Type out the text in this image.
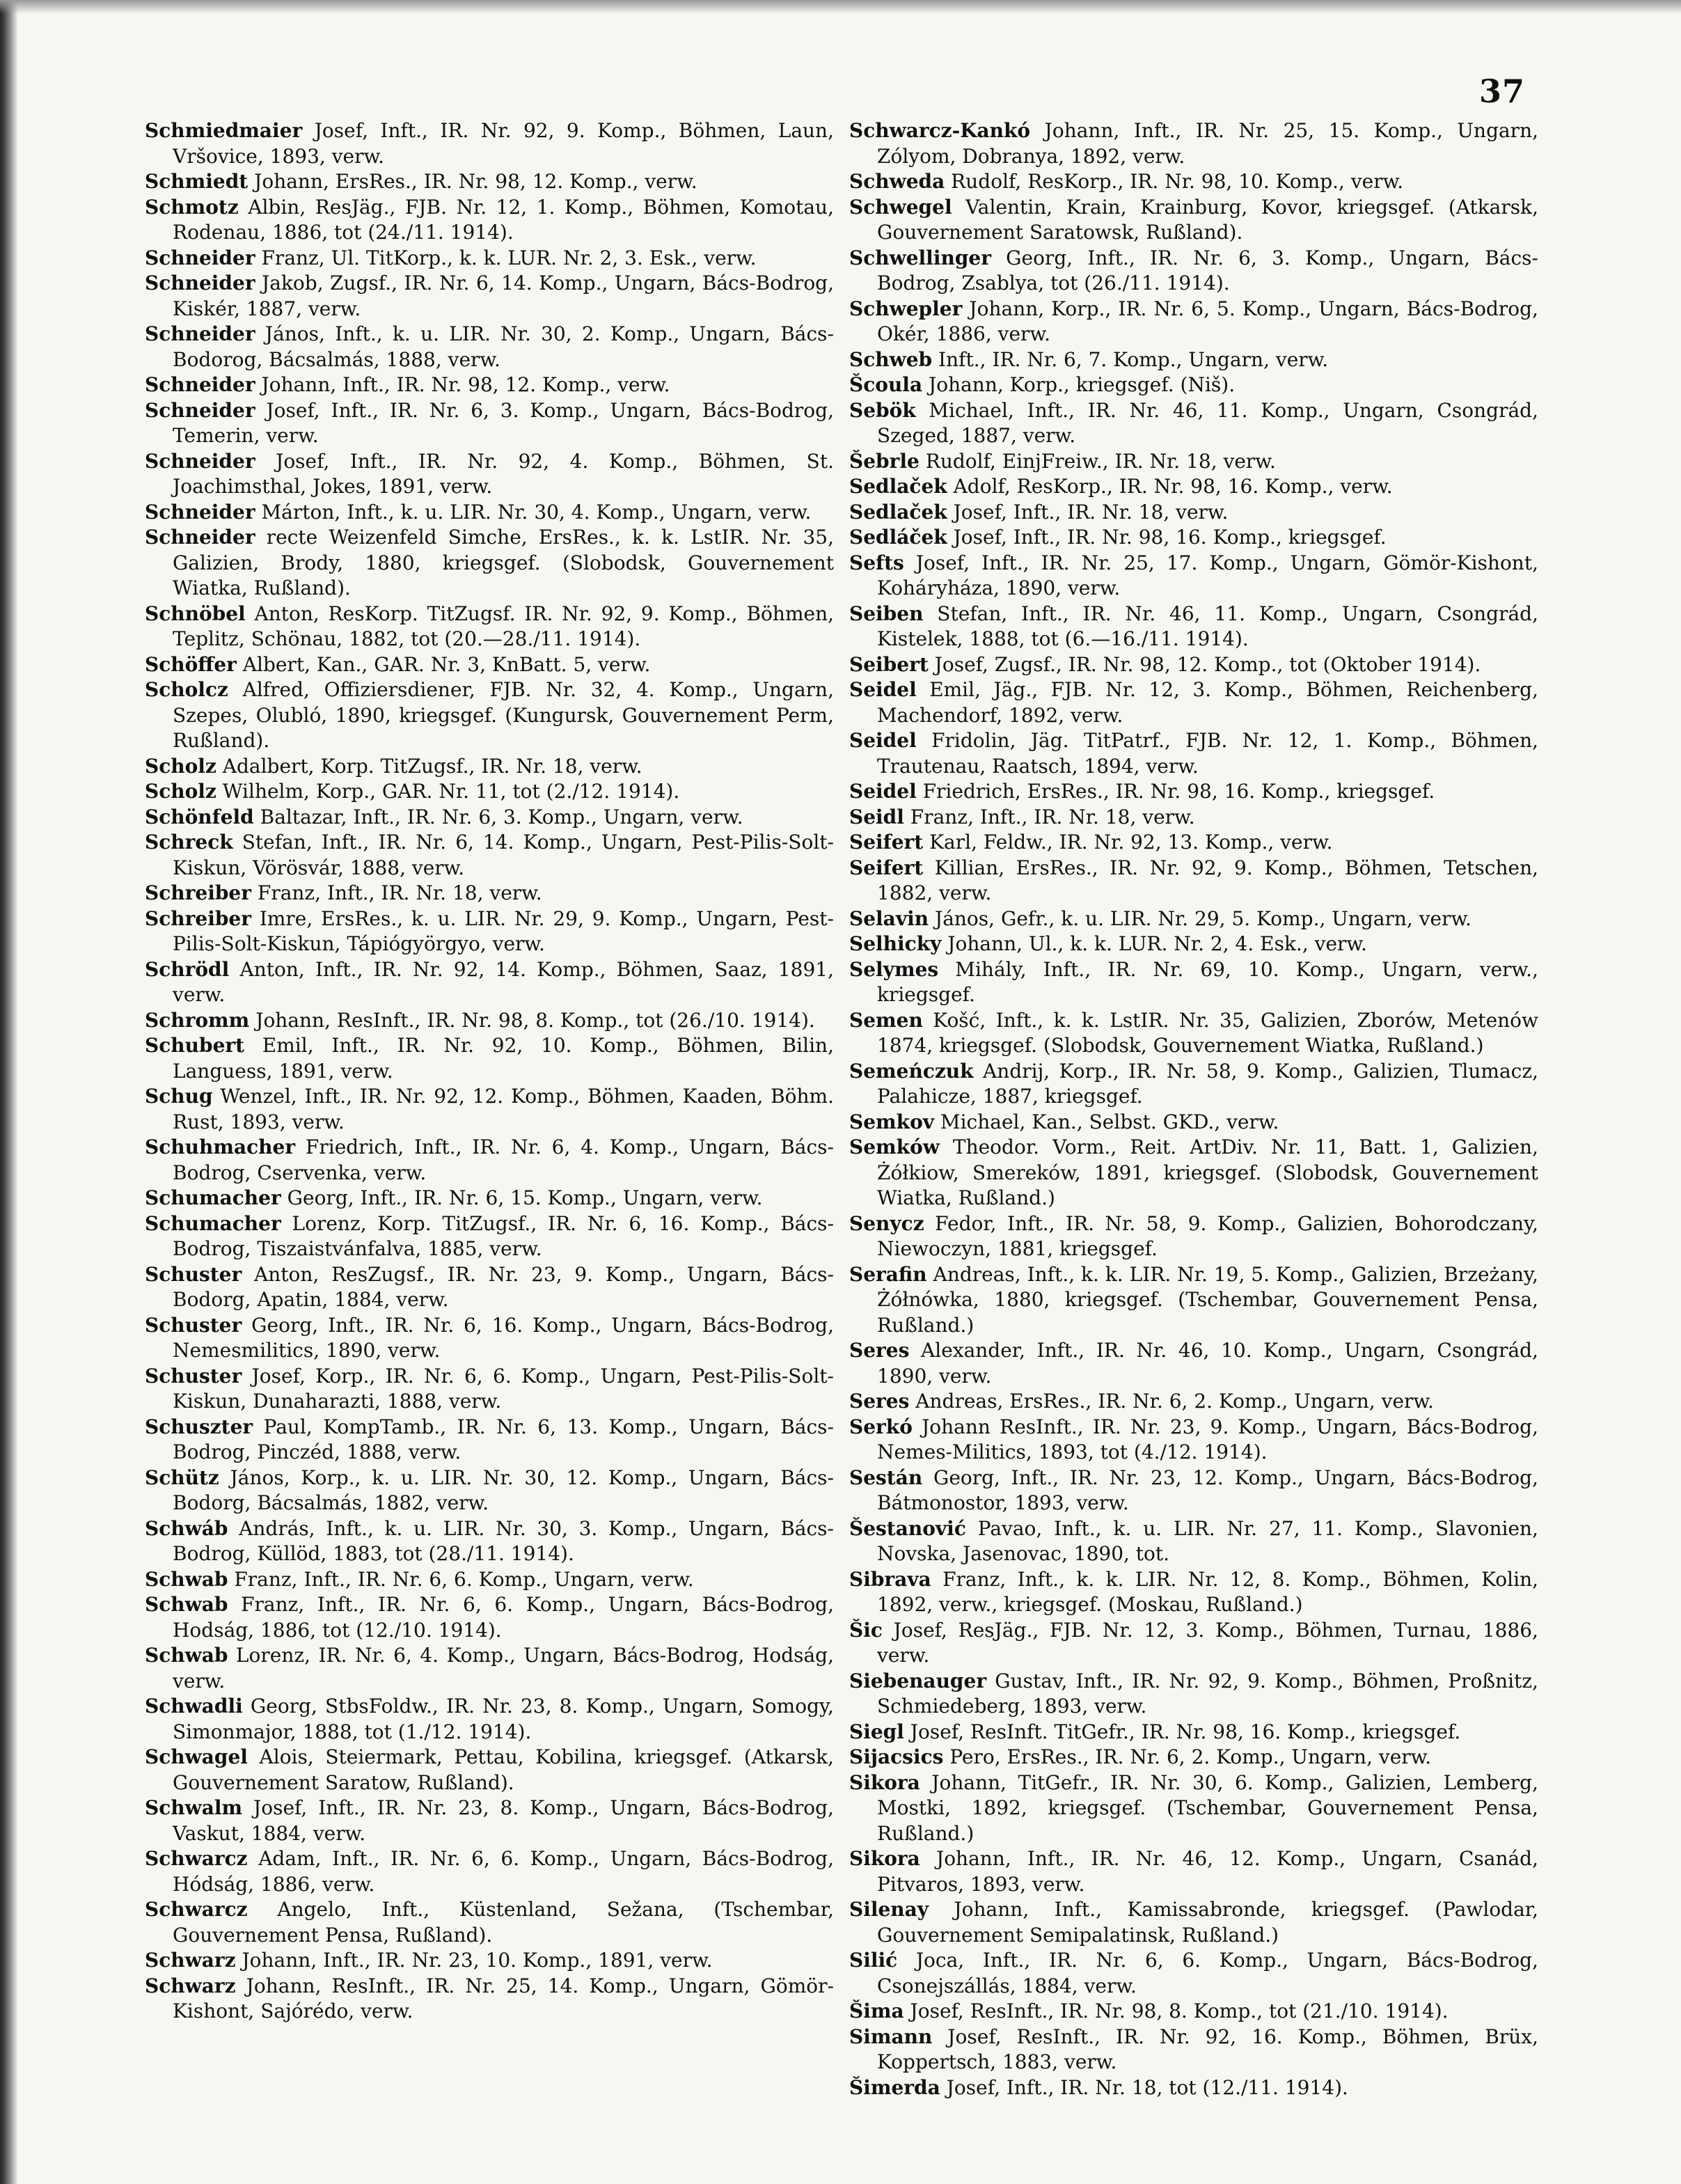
37

Schmiedmaier Josef, Inft., IR. Nr. 92, 9. Komp., Böhmen, Laun, Vršovice, 1893, verw.

Schmiedt Johann, ErsRes., IR. Nr. 98, 12. Komp., verw.

Schmotz Albin, ResJäg., FJB. Nr. 12, 1. Komp., Böhmen, Komotau, Rodenau, 1886, tot (24./11. 1914).

Schneider Franz, Ul. TitKorp., k. k. LUR. Nr. 2, 3. Esk., verw.

Schneider Jakob, Zugsf., IR. Nr. 6, 14. Komp., Ungarn, Bács-Bodrog, Kiskér, 1887, verw.

Schneider János, Inft., k. u. LIR. Nr. 30, 2. Komp., Ungarn, Bács-Bodorog, Bácsalmás, 1888, verw.

Schneider Johann, Inft., IR. Nr. 98, 12. Komp., verw.

Schneider Josef, Inft., IR. Nr. 6, 3. Komp., Ungarn, Bács-Bodrog, Temerin, verw.

Schneider Josef, Inft., IR. Nr. 92, 4. Komp., Böhmen, St. Joachimsthal, Jokes, 1891, verw.

Schneider Márton, Inft., k. u. LIR. Nr. 30, 4. Komp., Ungarn, verw.

Schneider recte Weizenfeld Simche, ErsRes., k. k. LstIR. Nr. 35, Galizien, Brody, 1880, kriegsgef. (Slobodsk, Gouvernement Wiatka, Rußland).

Schnöbel Anton, ResKorp. TitZugsf. IR. Nr. 92, 9. Komp., Böhmen, Teplitz, Schönau, 1882, tot (20.—28./11. 1914).

Schöffer Albert, Kan., GAR. Nr. 3, KnBatt. 5, verw.

Scholcz Alfred, Offiziersdiener, FJB. Nr. 32, 4. Komp., Ungarn, Szepes, Olubló, 1890, kriegsgef. (Kungursk, Gouvernement Perm, Rußland).

Scholz Adalbert, Korp. TitZugsf., IR. Nr. 18, verw.

Scholz Wilhelm, Korp., GAR. Nr. 11, tot (2./12. 1914).

Schönfeld Baltazar, Inft., IR. Nr. 6, 3. Komp., Ungarn, verw.

Schreck Stefan, Inft., IR. Nr. 6, 14. Komp., Ungarn, Pest-Pilis-Solt-Kiskun, Vörösvár, 1888, verw.

Schreiber Franz, Inft., IR. Nr. 18, verw.

Schreiber Imre, ErsRes., k. u. LIR. Nr. 29, 9. Komp., Ungarn, Pest-Pilis-Solt-Kiskun, Tápiógyörgyo, verw.

Schrödl Anton, Inft., IR. Nr. 92, 14. Komp., Böhmen, Saaz, 1891, verw.

Schromm Johann, ResInft., IR. Nr. 98, 8. Komp., tot (26./10. 1914).

Schubert Emil, Inft., IR. Nr. 92, 10. Komp., Böhmen, Bilin, Languess, 1891, verw.

Schug Wenzel, Inft., IR. Nr. 92, 12. Komp., Böhmen, Kaaden, Böhm. Rust, 1893, verw.

Schuhmacher Friedrich, Inft., IR. Nr. 6, 4. Komp., Ungarn, Bács-Bodrog, Cservenka, verw.

Schumacher Georg, Inft., IR. Nr. 6, 15. Komp., Ungarn, verw.

Schumacher Lorenz, Korp. TitZugsf., IR. Nr. 6, 16. Komp., Bács-Bodrog, Tiszaistvánfalva, 1885, verw.

Schuster Anton, ResZugsf., IR. Nr. 23, 9. Komp., Ungarn, Bács-Bodorg, Apatin, 1884, verw.

Schuster Georg, Inft., IR. Nr. 6, 16. Komp., Ungarn, Bács-Bodrog, Nemesmilitics, 1890, verw.

Schuster Josef, Korp., IR. Nr. 6, 6. Komp., Ungarn, Pest-Pilis-Solt-Kiskun, Dunaharazti, 1888, verw.

Schuszter Paul, KompTamb., IR. Nr. 6, 13. Komp., Ungarn, Bács-Bodrog, Pinczéd, 1888, verw.

Schütz János, Korp., k. u. LIR. Nr. 30, 12. Komp., Ungarn, Bács-Bodorg, Bácsalmás, 1882, verw.

Schwáb András, Inft., k. u. LIR. Nr. 30, 3. Komp., Ungarn, Bács-Bodrog, Küllöd, 1883, tot (28./11. 1914).

Schwab Franz, Inft., IR. Nr. 6, 6. Komp., Ungarn, verw.

Schwab Franz, Inft., IR. Nr. 6, 6. Komp., Ungarn, Bács-Bodrog, Hodság, 1886, tot (12./10. 1914).

Schwab Lorenz, IR. Nr. 6, 4. Komp., Ungarn, Bács-Bodrog, Hodság, verw.

Schwadli Georg, StbsFoldw., IR. Nr. 23, 8. Komp., Ungarn, Somogy, Simonmajor, 1888, tot (1./12. 1914).

Schwagel Alois, Steiermark, Pettau, Kobilina, kriegsgef. (Atkarsk, Gouvernement Saratow, Rußland).

Schwalm Josef, Inft., IR. Nr. 23, 8. Komp., Ungarn, Bács-Bodrog, Vaskut, 1884, verw.

Schwarcz Adam, Inft., IR. Nr. 6, 6. Komp., Ungarn, Bács-Bodrog, Hódság, 1886, verw.

Schwarcz Angelo, Inft., Küstenland, Sežana, (Tschembar, Gouvernement Pensa, Rußland).

Schwarz Johann, Inft., IR. Nr. 23, 10. Komp., 1891, verw.

Schwarz Johann, ResInft., IR. Nr. 25, 14. Komp., Ungarn, Gömör-Kishont, Sajórédo, verw.

Schwarcz-Kankó Johann, Inft., IR. Nr. 25, 15. Komp., Ungarn, Zólyom, Dobranya, 1892, verw.

Schweda Rudolf, ResKorp., IR. Nr. 98, 10. Komp., verw.

Schwegel Valentin, Krain, Krainburg, Kovor, kriegsgef. (Atkarsk, Gouvernement Saratowsk, Rußland).

Schwellinger Georg, Inft., IR. Nr. 6, 3. Komp., Ungarn, Bács-Bodrog, Zsablya, tot (26./11. 1914).

Schwepler Johann, Korp., IR. Nr. 6, 5. Komp., Ungarn, Bács-Bodrog, Okér, 1886, verw.

Schweb Inft., IR. Nr. 6, 7. Komp., Ungarn, verw.

Šcoula Johann, Korp., kriegsgef. (Niš).

Sebök Michael, Inft., IR. Nr. 46, 11. Komp., Ungarn, Csongrád, Szeged, 1887, verw.

Šebrle Rudolf, EinjFreiw., IR. Nr. 18, verw.

Sedlaček Adolf, ResKorp., IR. Nr. 98, 16. Komp., verw.

Sedlaček Josef, Inft., IR. Nr. 18, verw.

Sedláček Josef, Inft., IR. Nr. 98, 16. Komp., kriegsgef.

Sefts Josef, Inft., IR. Nr. 25, 17. Komp., Ungarn, Gömör-Kishont, Koháryháza, 1890, verw.

Seiben Stefan, Inft., IR. Nr. 46, 11. Komp., Ungarn, Csongrád, Kistelek, 1888, tot (6.—16./11. 1914).

Seibert Josef, Zugsf., IR. Nr. 98, 12. Komp., tot (Oktober 1914).

Seidel Emil, Jäg., FJB. Nr. 12, 3. Komp., Böhmen, Reichenberg, Machendorf, 1892, verw.

Seidel Fridolin, Jäg. TitPatrf., FJB. Nr. 12, 1. Komp., Böhmen, Trautenau, Raatsch, 1894, verw.

Seidel Friedrich, ErsRes., IR. Nr. 98, 16. Komp., kriegsgef.

Seidl Franz, Inft., IR. Nr. 18, verw.

Seifert Karl, Feldw., IR. Nr. 92, 13. Komp., verw.

Seifert Killian, ErsRes., IR. Nr. 92, 9. Komp., Böhmen, Tetschen, 1882, verw.

Selavin János, Gefr., k. u. LIR. Nr. 29, 5. Komp., Ungarn, verw.

Selhicky Johann, Ul., k. k. LUR. Nr. 2, 4. Esk., verw.

Selymes Mihály, Inft., IR. Nr. 69, 10. Komp., Ungarn, verw., kriegsgef.

Semen Košć, Inft., k. k. LstIR. Nr. 35, Galizien, Zborów, Metenów 1874, kriegsgef. (Slobodsk, Gouvernement Wiatka, Rußland.)

Semeńczuk Andrij, Korp., IR. Nr. 58, 9. Komp., Galizien, Tlumacz, Palahicze, 1887, kriegsgef.

Semkov Michael, Kan., Selbst. GKD., verw.

Semków Theodor. Vorm., Reit. ArtDiv. Nr. 11, Batt. 1, Galizien, Żółkiow, Smereków, 1891, kriegsgef. (Slobodsk, Gouvernement Wiatka, Rußland.)

Senycz Fedor, Inft., IR. Nr. 58, 9. Komp., Galizien, Bohorodczany, Niewoczyn, 1881, kriegsgef.

Serafin Andreas, Inft., k. k. LIR. Nr. 19, 5. Komp., Galizien, Brzeżany, Żółnówka, 1880, kriegsgef. (Tschembar, Gouvernement Pensa, Rußland.)

Seres Alexander, Inft., IR. Nr. 46, 10. Komp., Ungarn, Csongrád, 1890, verw.

Seres Andreas, ErsRes., IR. Nr. 6, 2. Komp., Ungarn, verw.

Serkó Johann ResInft., IR. Nr. 23, 9. Komp., Ungarn, Bács-Bodrog, Nemes-Militics, 1893, tot (4./12. 1914).

Sestán Georg, Inft., IR. Nr. 23, 12. Komp., Ungarn, Bács-Bodrog, Bátmonostor, 1893, verw.

Šestanović Pavao, Inft., k. u. LIR. Nr. 27, 11. Komp., Slavonien, Novska, Jasenovac, 1890, tot.

Sibrava Franz, Inft., k. k. LIR. Nr. 12, 8. Komp., Böhmen, Kolin, 1892, verw., kriegsgef. (Moskau, Rußland.)

Šic Josef, ResJäg., FJB. Nr. 12, 3. Komp., Böhmen, Turnau, 1886, verw.

Siebenauger Gustav, Inft., IR. Nr. 92, 9. Komp., Böhmen, Proßnitz, Schmiedeberg, 1893, verw.

Siegl Josef, ResInft. TitGefr., IR. Nr. 98, 16. Komp., kriegsgef.

Sijacsics Pero, ErsRes., IR. Nr. 6, 2. Komp., Ungarn, verw.

Sikora Johann, TitGefr., IR. Nr. 30, 6. Komp., Galizien, Lemberg, Mostki, 1892, kriegsgef. (Tschembar, Gouvernement Pensa, Rußland.)

Sikora Johann, Inft., IR. Nr. 46, 12. Komp., Ungarn, Csanád, Pitvaros, 1893, verw.

Silenay Johann, Inft., Kamissabronde, kriegsgef. (Pawlodar, Gouvernement Semipalatinsk, Rußland.)

Silić Joca, Inft., IR. Nr. 6, 6. Komp., Ungarn, Bács-Bodrog, Csonejszállás, 1884, verw.

Šima Josef, ResInft., IR. Nr. 98, 8. Komp., tot (21./10. 1914).

Simann Josef, ResInft., IR. Nr. 92, 16. Komp., Böhmen, Brüx, Koppertsch, 1883, verw.

Šimerda Josef, Inft., IR. Nr. 18, tot (12./11. 1914).
